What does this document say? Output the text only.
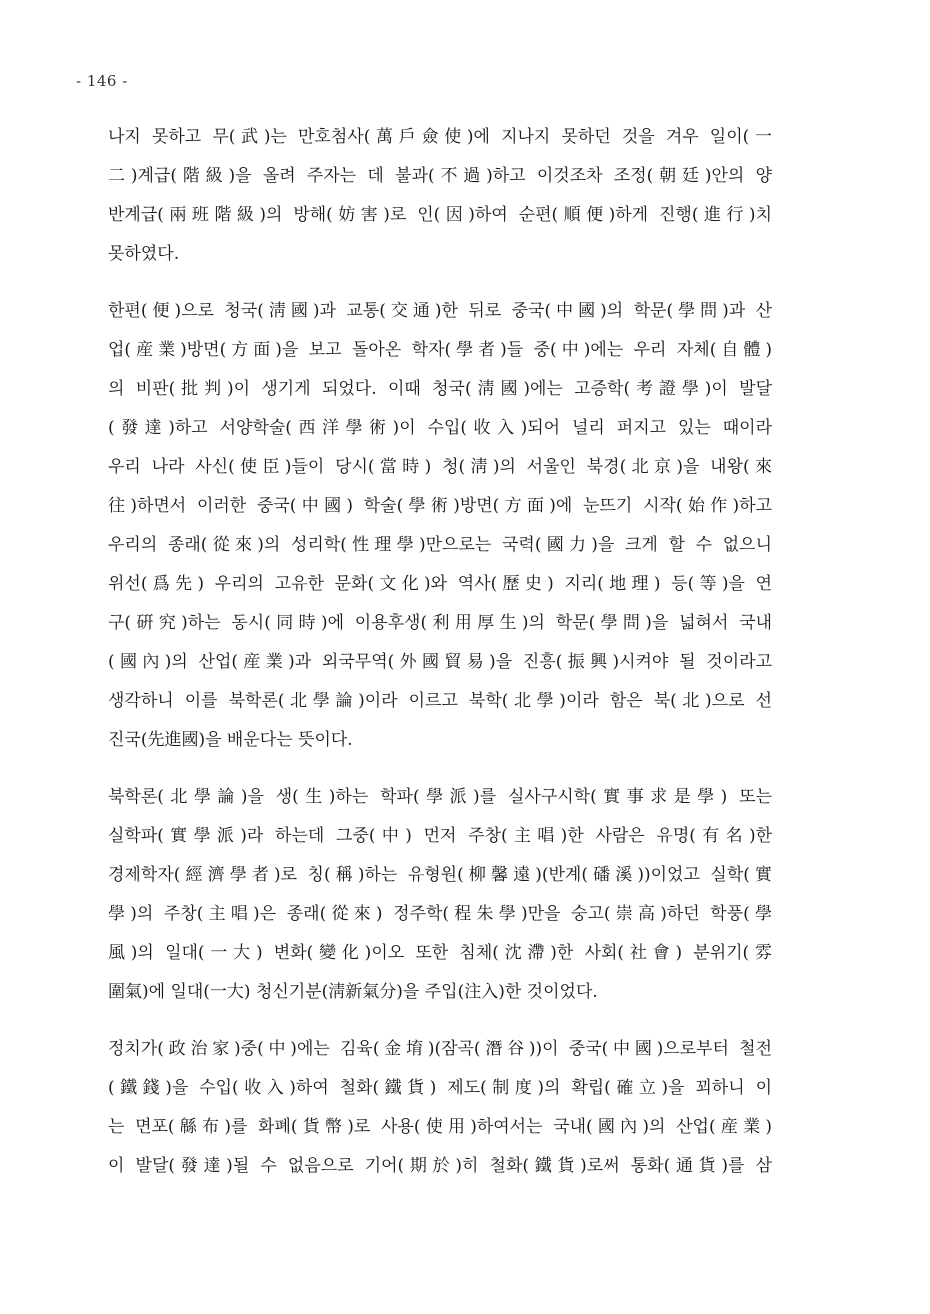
- 146 -
나지 못하고 무(武)는 만호첨사(萬戶僉使)에 지나지 못하던 것을 겨우 일이(一
二)계급(階級)을 올려 주자는 데 불과(不過)하고 이것조차 조정(朝廷)안의 양
반계급(兩班階級)의 방해(妨害)로 인(因)하여 순편(順便)하게 진행(進行)치
못하였다.
한편(便)으로 청국(淸國)과 교통(交通)한 뒤로 중국(中國)의 학문(學問)과 산
업(産業)방면(方面)을 보고 돌아온 학자(學者)들 중(中)에는 우리 자체(自體)
의 비판(批判)이 생기게 되었다. 이때 청국(淸國)에는 고증학(考證學)이 발달
(發達)하고 서양학술(西洋學術)이 수입(收入)되어 널리 퍼지고 있는 때이라
우리 나라 사신(使臣)들이 당시(當時) 청(淸)의 서울인 북경(北京)을 내왕(來
往)하면서 이러한 중국(中國) 학술(學術)방면(方面)에 눈뜨기 시작(始作)하고
우리의 종래(從來)의 성리학(性理學)만으로는 국력(國力)을 크게 할 수 없으니
위선(爲先) 우리의 고유한 문화(文化)와 역사(歷史) 지리(地理) 등(等)을 연
구(硏究)하는 동시(同時)에 이용후생(利用厚生)의 학문(學問)을 넓혀서 국내
(國內)의 산업(産業)과 외국무역(外國貿易)을 진흥(振興)시켜야 될 것이라고
생각하니 이를 북학론(北學論)이라 이르고 북학(北學)이라 함은 북(北)으로 선
진국(先進國)을 배운다는 뜻이다.
북학론(北學論)을 생(生)하는 학파(學派)를 실사구시학(實事求是學) 또는
실학파(實學派)라 하는데 그중(中) 먼저 주창(主唱)한 사람은 유명(有名)한
경제학자(經濟學者)로 칭(稱)하는 유형원(柳馨遠)(반계(磻溪))이었고 실학(實
學)의 주창(主唱)은 종래(從來) 정주학(程朱學)만을 숭고(崇高)하던 학풍(學
風)의 일대(一大) 변화(變化)이오 또한 침체(沈滯)한 사회(社會) 분위기(雰
圍氣)에 일대(一大) 청신기분(淸新氣分)을 주입(注入)한 것이었다.
정치가(政治家)중(中)에는 김육(金堉)(잠곡(潛谷))이 중국(中國)으로부터 철전
(鐵錢)을 수입(收入)하여 철화(鐵貨) 제도(制度)의 확립(確立)을 꾀하니 이
는 면포(緜布)를 화폐(貨幣)로 사용(使用)하여서는 국내(國內)의 산업(産業)
이 발달(發達)될 수 없음으로 기어(期於)히 철화(鐵貨)로써 통화(通貨)를 삼
